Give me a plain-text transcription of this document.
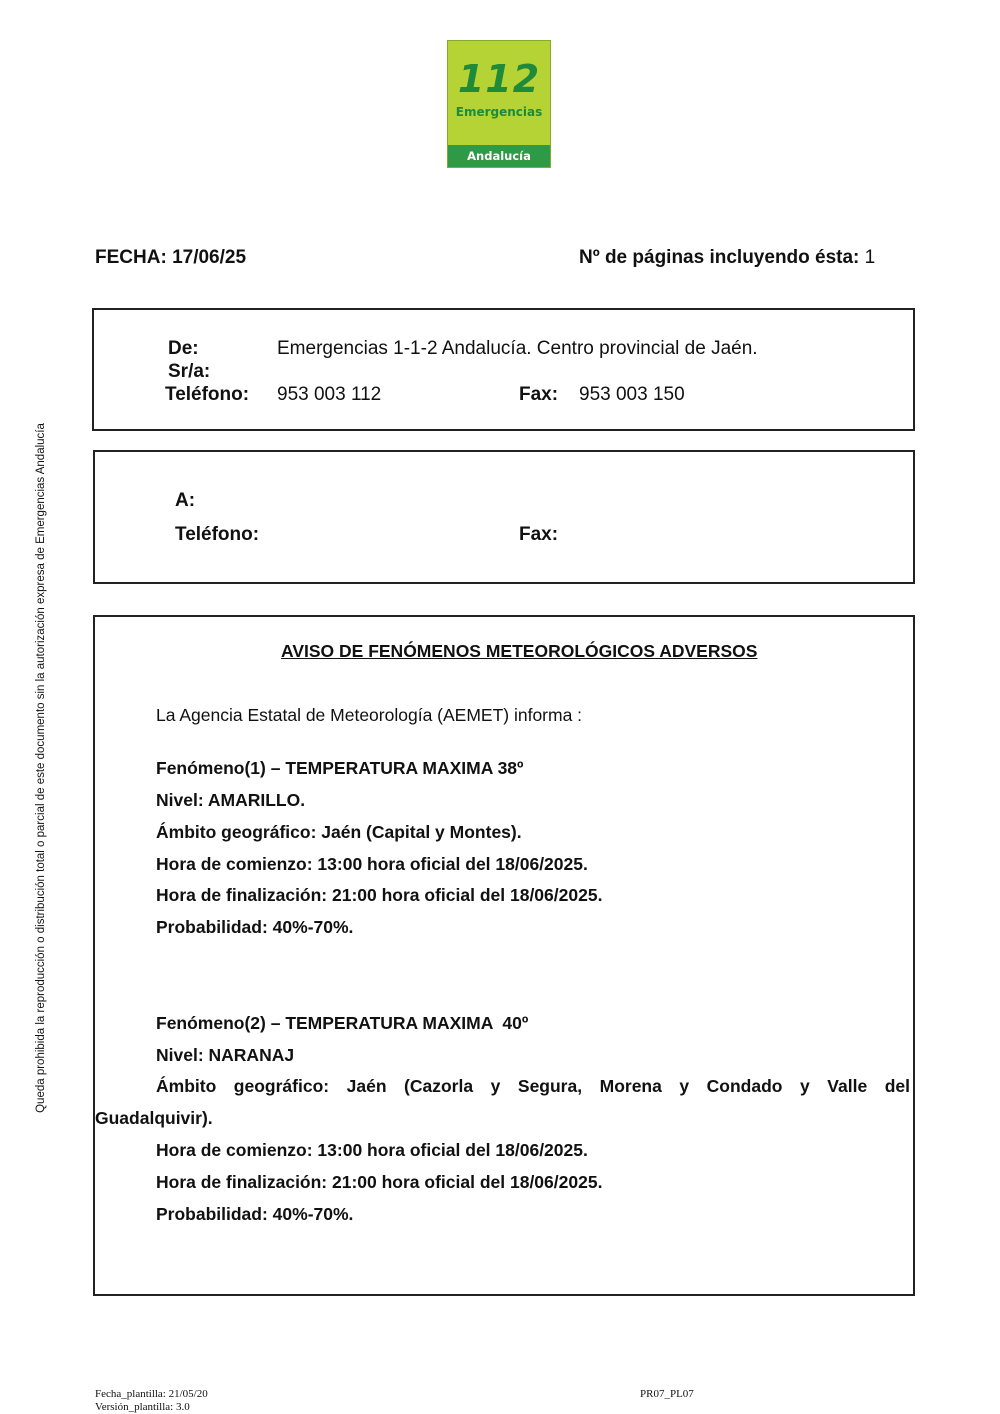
112
Emergencias
Andalucía
Queda prohibida la reproducción o distribución total o parcial de este documento sin la autorización expresa de Emergencias Andalucía
FECHA: 17/06/25	Nº de páginas incluyendo ésta: 1
De:	Emergencias 1-1-2 Andalucía. Centro provincial de Jaén.
Sr/a:
Teléfono: 953 003 112	Fax: 953 003 150
A:
Teléfono:	Fax:
AVISO DE FENÓMENOS METEOROLÓGICOS ADVERSOS
La Agencia Estatal de Meteorología (AEMET) informa :
Fenómeno(1) – TEMPERATURA MAXIMA 38º
Nivel: AMARILLO.
Ámbito geográfico: Jaén (Capital y Montes).
Hora de comienzo: 13:00 hora oficial del 18/06/2025.
Hora de finalización: 21:00 hora oficial del 18/06/2025.
Probabilidad: 40%-70%.
Fenómeno(2) – TEMPERATURA MAXIMA  40º
Nivel: NARANAJ
Ámbito geográfico: Jaén (Cazorla y Segura, Morena y Condado y Valle del
Guadalquivir).
Hora de comienzo: 13:00 hora oficial del 18/06/2025.
Hora de finalización: 21:00 hora oficial del 18/06/2025.
Probabilidad: 40%-70%.
Fecha_plantilla: 21/05/20
Versión_plantilla: 3.0
PR07_PL07
